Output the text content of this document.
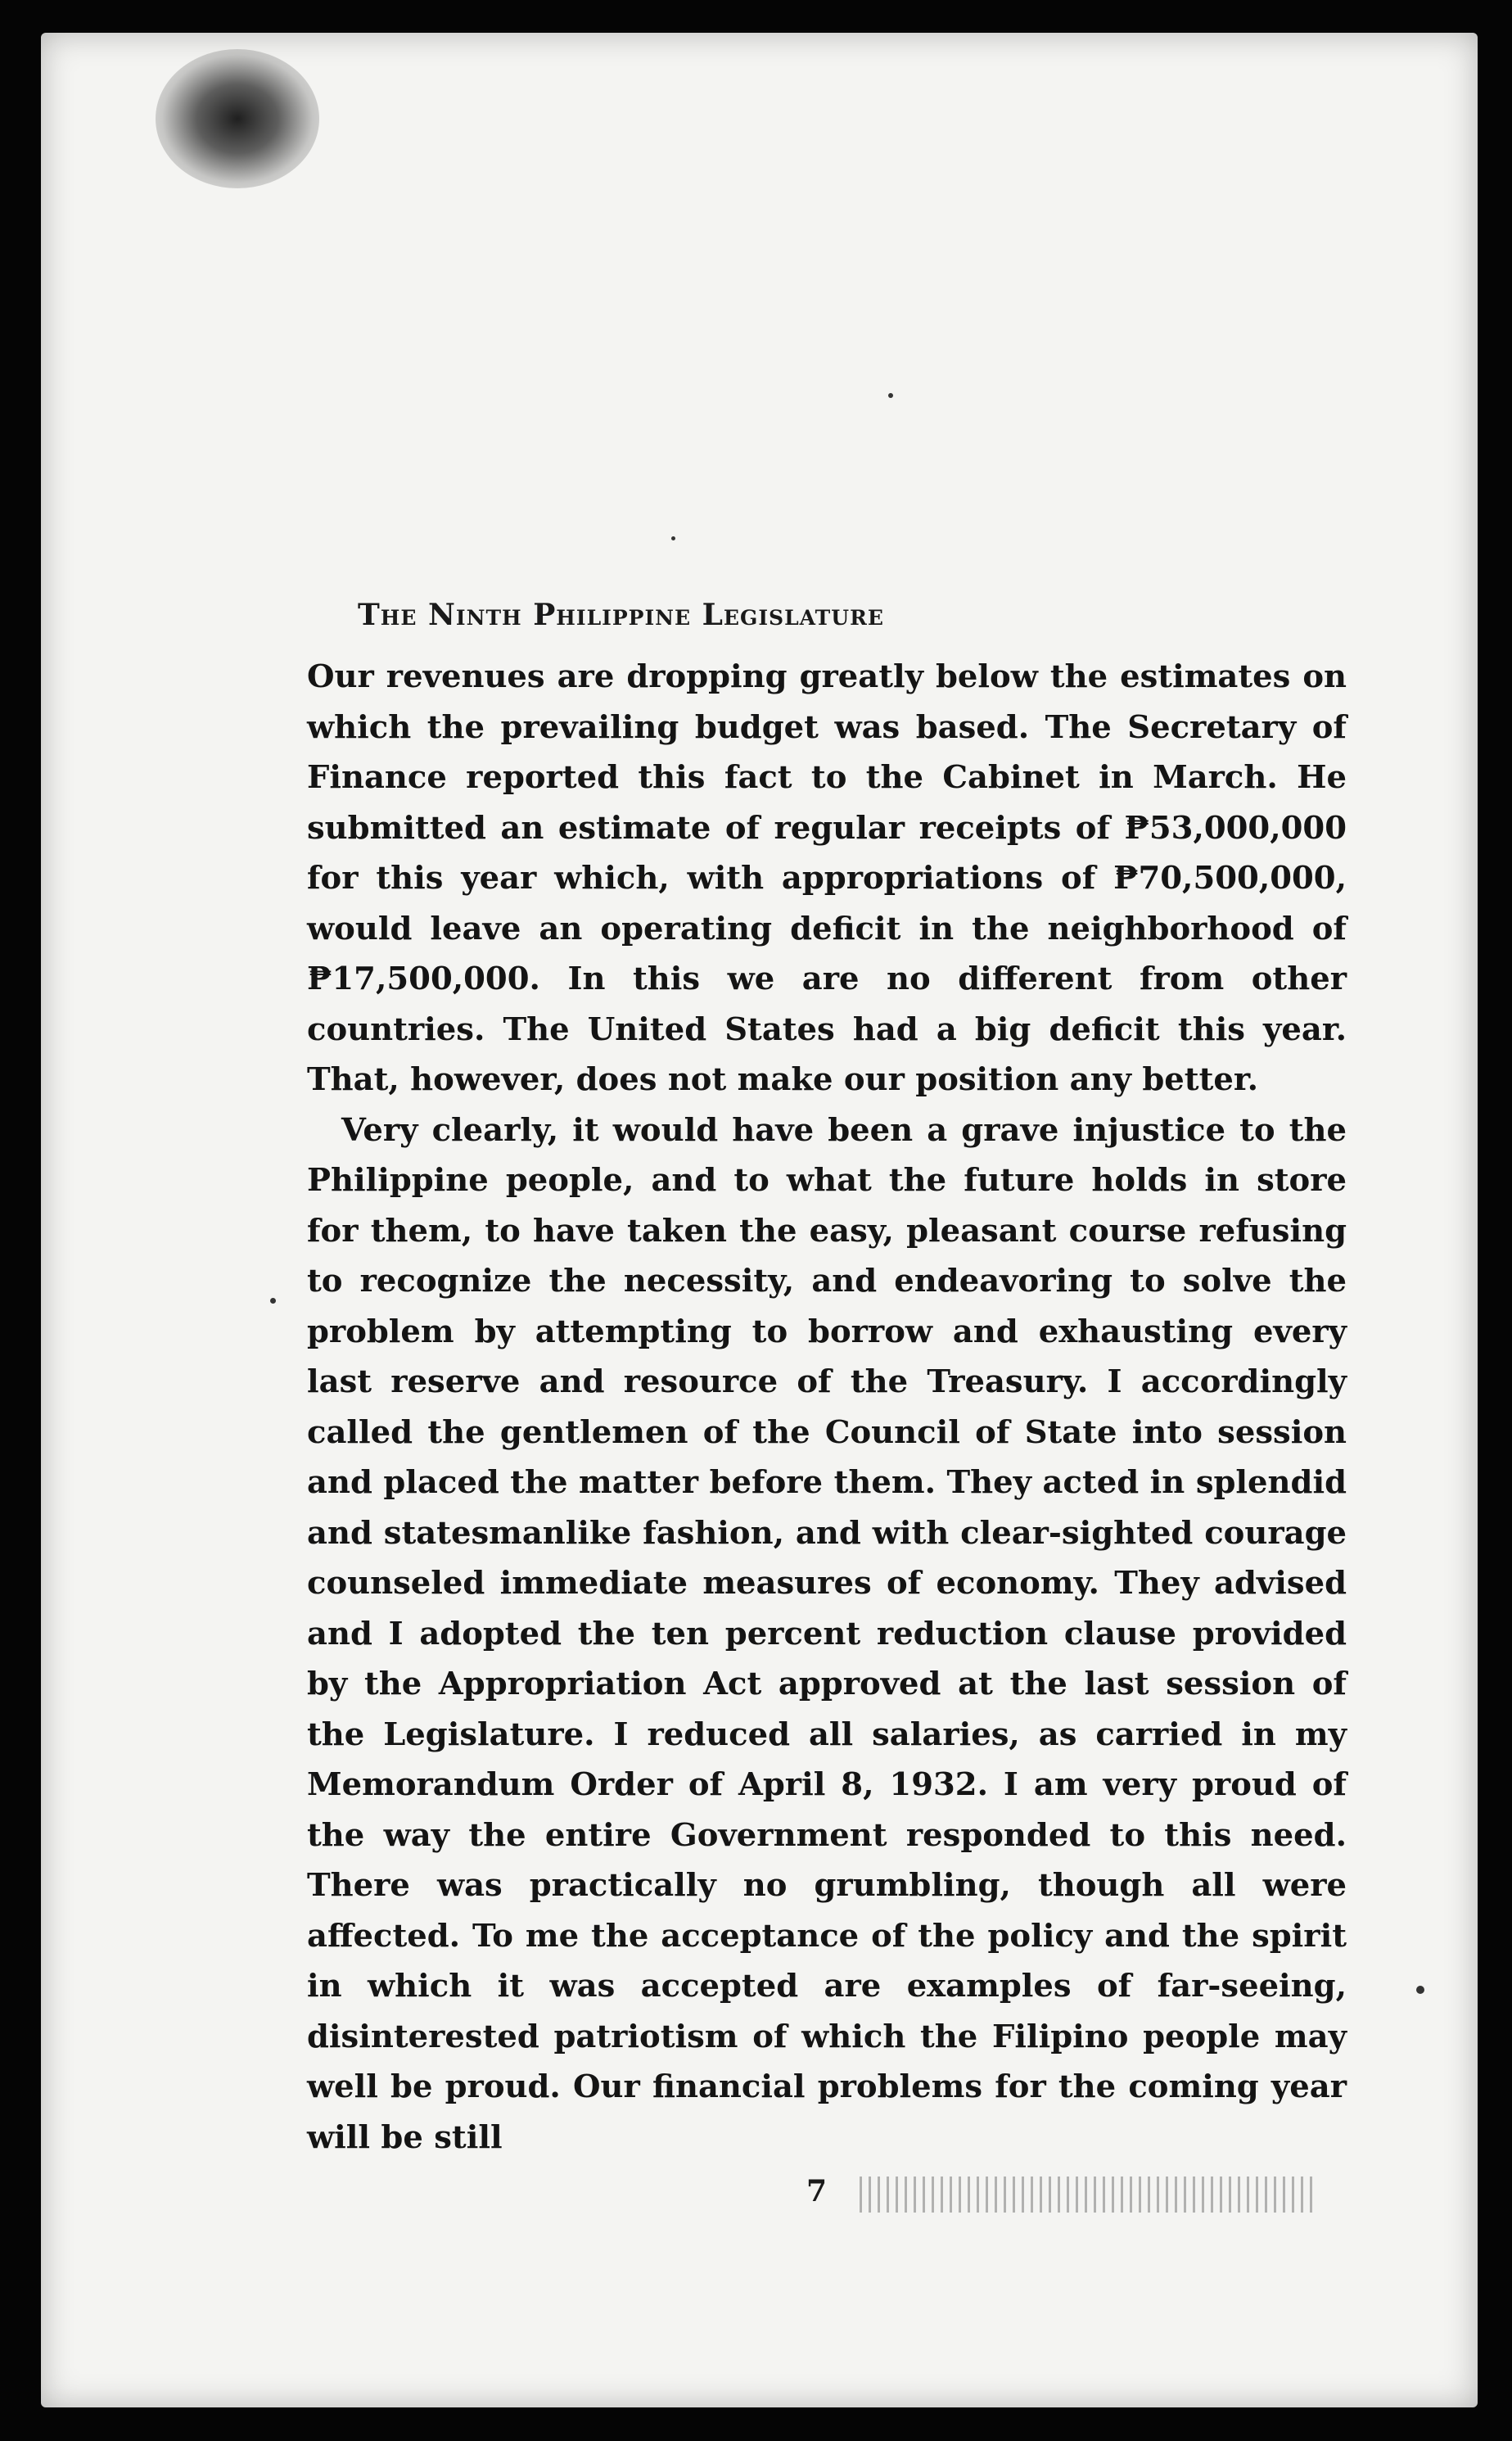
The Ninth Philippine Legislature

Our revenues are dropping greatly below the estimates on which the prevailing budget was based. The Secretary of Finance reported this fact to the Cabinet in March. He submitted an estimate of regular receipts of ₱53,000,000 for this year which, with appropriations of ₱70,500,000, would leave an operating deficit in the neighborhood of ₱17,500,000. In this we are no different from other countries. The United States had a big deficit this year. That, however, does not make our position any better.

Very clearly, it would have been a grave injustice to the Philippine people, and to what the future holds in store for them, to have taken the easy, pleasant course refusing to recognize the necessity, and endeavoring to solve the problem by attempting to borrow and exhausting every last reserve and resource of the Treasury. I accordingly called the gentlemen of the Council of State into session and placed the matter before them. They acted in splendid and statesmanlike fashion, and with clear-sighted courage counseled immediate measures of economy. They advised and I adopted the ten percent reduction clause provided by the Appropriation Act approved at the last session of the Legislature. I reduced all salaries, as carried in my Memorandum Order of April 8, 1932. I am very proud of the way the entire Government responded to this need. There was practically no grumbling, though all were affected. To me the acceptance of the policy and the spirit in which it was accepted are examples of far-seeing, disinterested patriotism of which the Filipino people may well be proud. Our financial problems for the coming year will be still

7
